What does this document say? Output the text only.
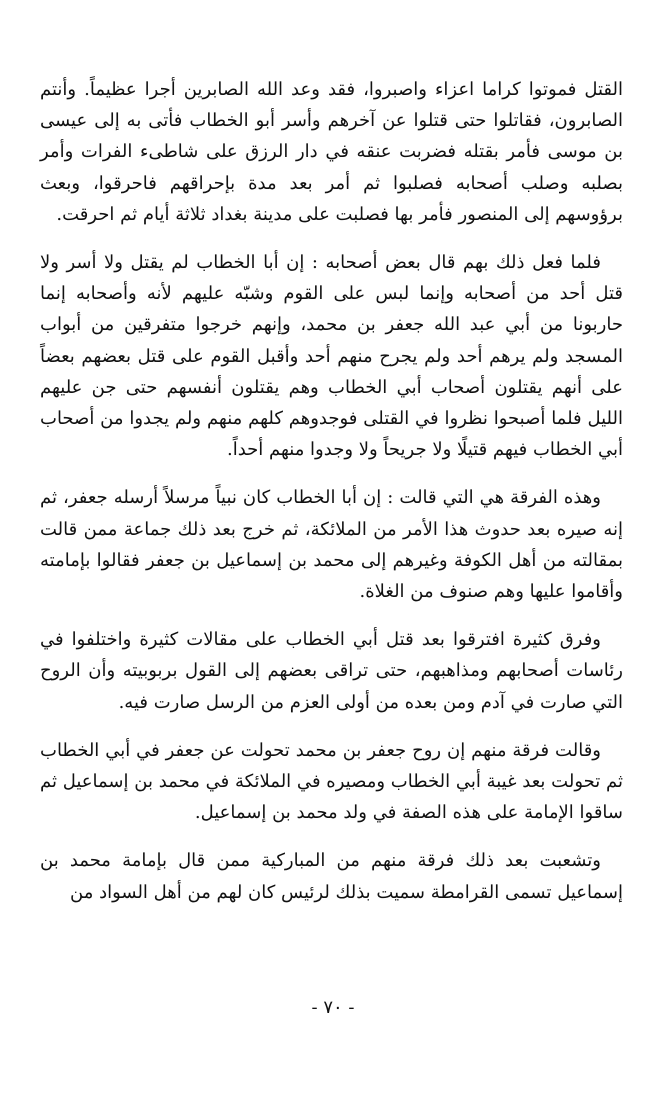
القتل فموتوا كراما اعزاء واصبروا، فقد وعد الله الصابرين أجرا عظيماً. وأنتم الصابرون، فقاتلوا حتى قتلوا عن آخرهم وأسر أبو الخطاب فأتى به إلى عيسى بن موسى فأمر بقتله فضربت عنقه في دار الرزق على شاطىء الفرات وأمر بصلبه وصلب أصحابه فصلبوا ثم أمر بعد مدة بإحراقهم فاحرقوا، وبعث برؤوسهم إلى المنصور فأمر بها فصلبت على مدينة بغداد ثلاثة أيام ثم احرقت.

فلما فعل ذلك بهم قال بعض أصحابه : إن أبا الخطاب لم يقتل ولا أسر ولا قتل أحد من أصحابه وإنما لبس على القوم وشبّه عليهم لأنه وأصحابه إنما حاربونا من أبي عبد الله جعفر بن محمد، وإنهم خرجوا متفرقين من أبواب المسجد ولم يرهم أحد ولم يجرح منهم أحد وأقبل القوم على قتل بعضهم بعضاً على أنهم يقتلون أصحاب أبي الخطاب وهم يقتلون أنفسهم حتى جن عليهم الليل فلما أصبحوا نظروا في القتلى فوجدوهم كلهم منهم ولم يجدوا من أصحاب أبي الخطاب فيهم قتيلًا ولا جريحاً ولا وجدوا منهم أحداً.

وهذه الفرقة هي التي قالت : إن أبا الخطاب كان نبياً مرسلاً أرسله جعفر، ثم إنه صيره بعد حدوث هذا الأمر من الملائكة، ثم خرج بعد ذلك جماعة ممن قالت بمقالته من أهل الكوفة وغيرهم إلى محمد بن إسماعيل بن جعفر فقالوا بإمامته وأقاموا عليها وهم صنوف من الغلاة.

وفرق كثيرة افترقوا بعد قتل أبي الخطاب على مقالات كثيرة واختلفوا في رئاسات أصحابهم ومذاهبهم، حتى تراقى بعضهم إلى القول بربوبيته وأن الروح التي صارت في آدم ومن بعده من أولى العزم من الرسل صارت فيه.

وقالت فرقة منهم إن روح جعفر بن محمد تحولت عن جعفر في أبي الخطاب ثم تحولت بعد غيبة أبي الخطاب ومصيره في الملائكة في محمد بن إسماعيل ثم ساقوا الإمامة على هذه الصفة في ولد محمد بن إسماعيل.

وتشعبت بعد ذلك فرقة منهم من المباركية ممن قال بإمامة محمد بن إسماعيل تسمى القرامطة سميت بذلك لرئيس كان لهم من أهل السواد من

- ٧٠ -
